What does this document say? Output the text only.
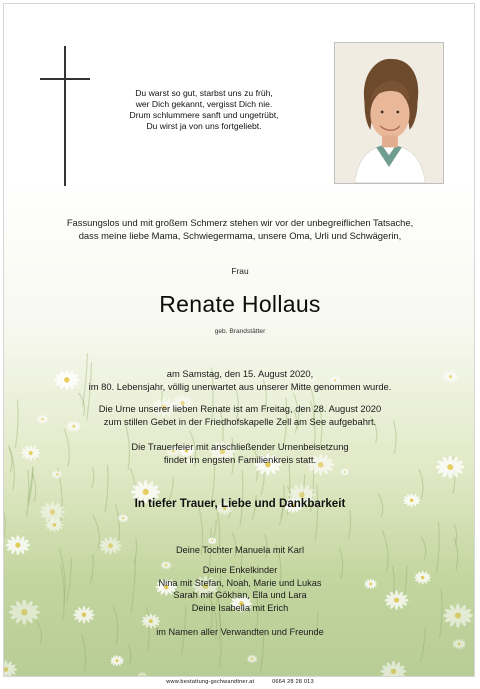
Du warst so gut, starbst uns zu früh,
wer Dich gekannt, vergisst Dich nie.
Drum schlummere sanft und ungetrübt,
Du wirst ja von uns fortgeliebt.
Fassungslos und mit großem Schmerz stehen wir vor der unbegreiflichen Tatsache,
dass meine liebe Mama, Schwiegermama, unsere Oma, Urli und Schwägerin,
Frau
Renate Hollaus
geb. Brandstätter
am Samstag, den 15. August 2020,
im 80. Lebensjahr, völlig unerwartet aus unserer Mitte genommen wurde.
Die Urne unserer lieben Renate ist am Freitag, den 28. August 2020
zum stillen Gebet in der Friedhofskapelle Zell am See aufgebahrt.
Die Trauerfeier mit anschließender Urnenbeisetzung
findet im engsten Familienkreis statt.
In tiefer Trauer, Liebe und Dankbarkeit
Deine Tochter Manuela mit Karl
Deine Enkelkinder
Nina mit Stefan, Noah, Marie und Lukas
Sarah mit Gökhan, Ella und Lara
Deine Isabella mit Erich
im Namen aller Verwandten und Freunde
www.bestattung-gschwandtner.at	0664 28 28 013
